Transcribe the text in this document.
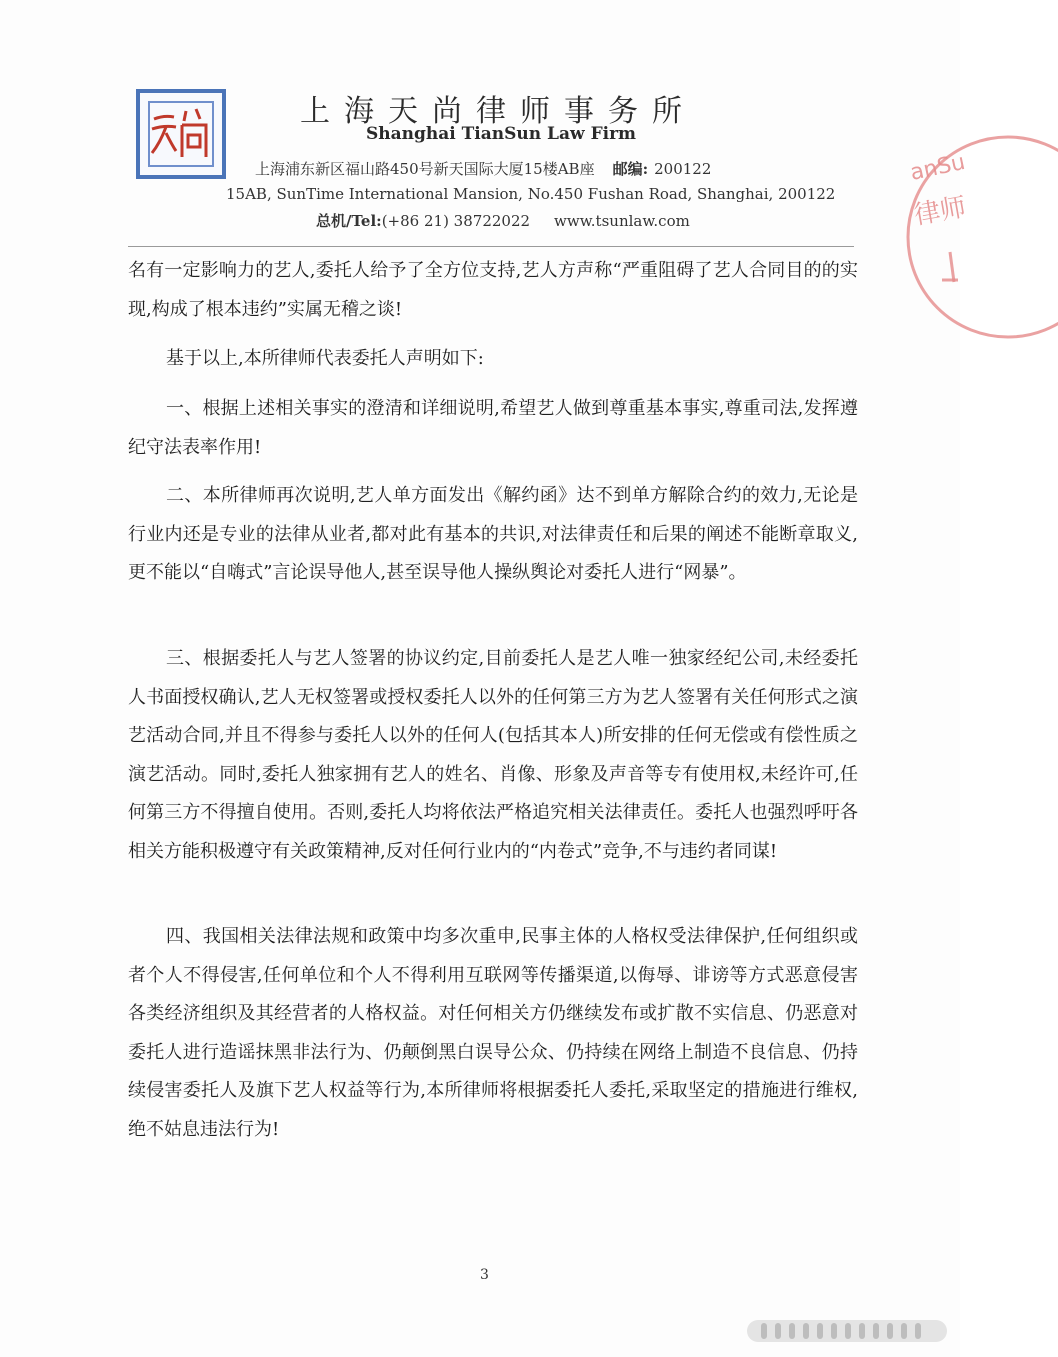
上海天尚律师事务所
Shanghai TianSun Law Firm
上海浦东新区福山路450号新天国际大厦15楼AB座 邮编: 200122
15AB, SunTime International Mansion, No.450 Fushan Road, Shanghai, 200122
总机/Tel:(+86 21) 38722022 www.tsunlaw.com
anSu
律师

名有一定影响力的艺人,委托人给予了全方位支持,艺人方声称“严重阻碍了艺人合同目的的实现,构成了根本违约”实属无稽之谈!

基于以上,本所律师代表委托人声明如下:

一、根据上述相关事实的澄清和详细说明,希望艺人做到尊重基本事实,尊重司法,发挥遵纪守法表率作用!

二、本所律师再次说明,艺人单方面发出《解约函》达不到单方解除合约的效力,无论是行业内还是专业的法律从业者,都对此有基本的共识,对法律责任和后果的阐述不能断章取义,更不能以“自嗨式”言论误导他人,甚至误导他人操纵舆论对委托人进行“网暴”。

三、根据委托人与艺人签署的协议约定,目前委托人是艺人唯一独家经纪公司,未经委托人书面授权确认,艺人无权签署或授权委托人以外的任何第三方为艺人签署有关任何形式之演艺活动合同,并且不得参与委托人以外的任何人(包括其本人)所安排的任何无偿或有偿性质之演艺活动。同时,委托人独家拥有艺人的姓名、肖像、形象及声音等专有使用权,未经许可,任何第三方不得擅自使用。否则,委托人均将依法严格追究相关法律责任。委托人也强烈呼吁各相关方能积极遵守有关政策精神,反对任何行业内的“内卷式”竞争,不与违约者同谋!

四、我国相关法律法规和政策中均多次重申,民事主体的人格权受法律保护,任何组织或者个人不得侵害,任何单位和个人不得利用互联网等传播渠道,以侮辱、诽谤等方式恶意侵害各类经济组织及其经营者的人格权益。对任何相关方仍继续发布或扩散不实信息、仍恶意对委托人进行造谣抹黑非法行为、仍颠倒黑白误导公众、仍持续在网络上制造不良信息、仍持续侵害委托人及旗下艺人权益等行为,本所律师将根据委托人委托,采取坚定的措施进行维权,绝不姑息违法行为!

3
